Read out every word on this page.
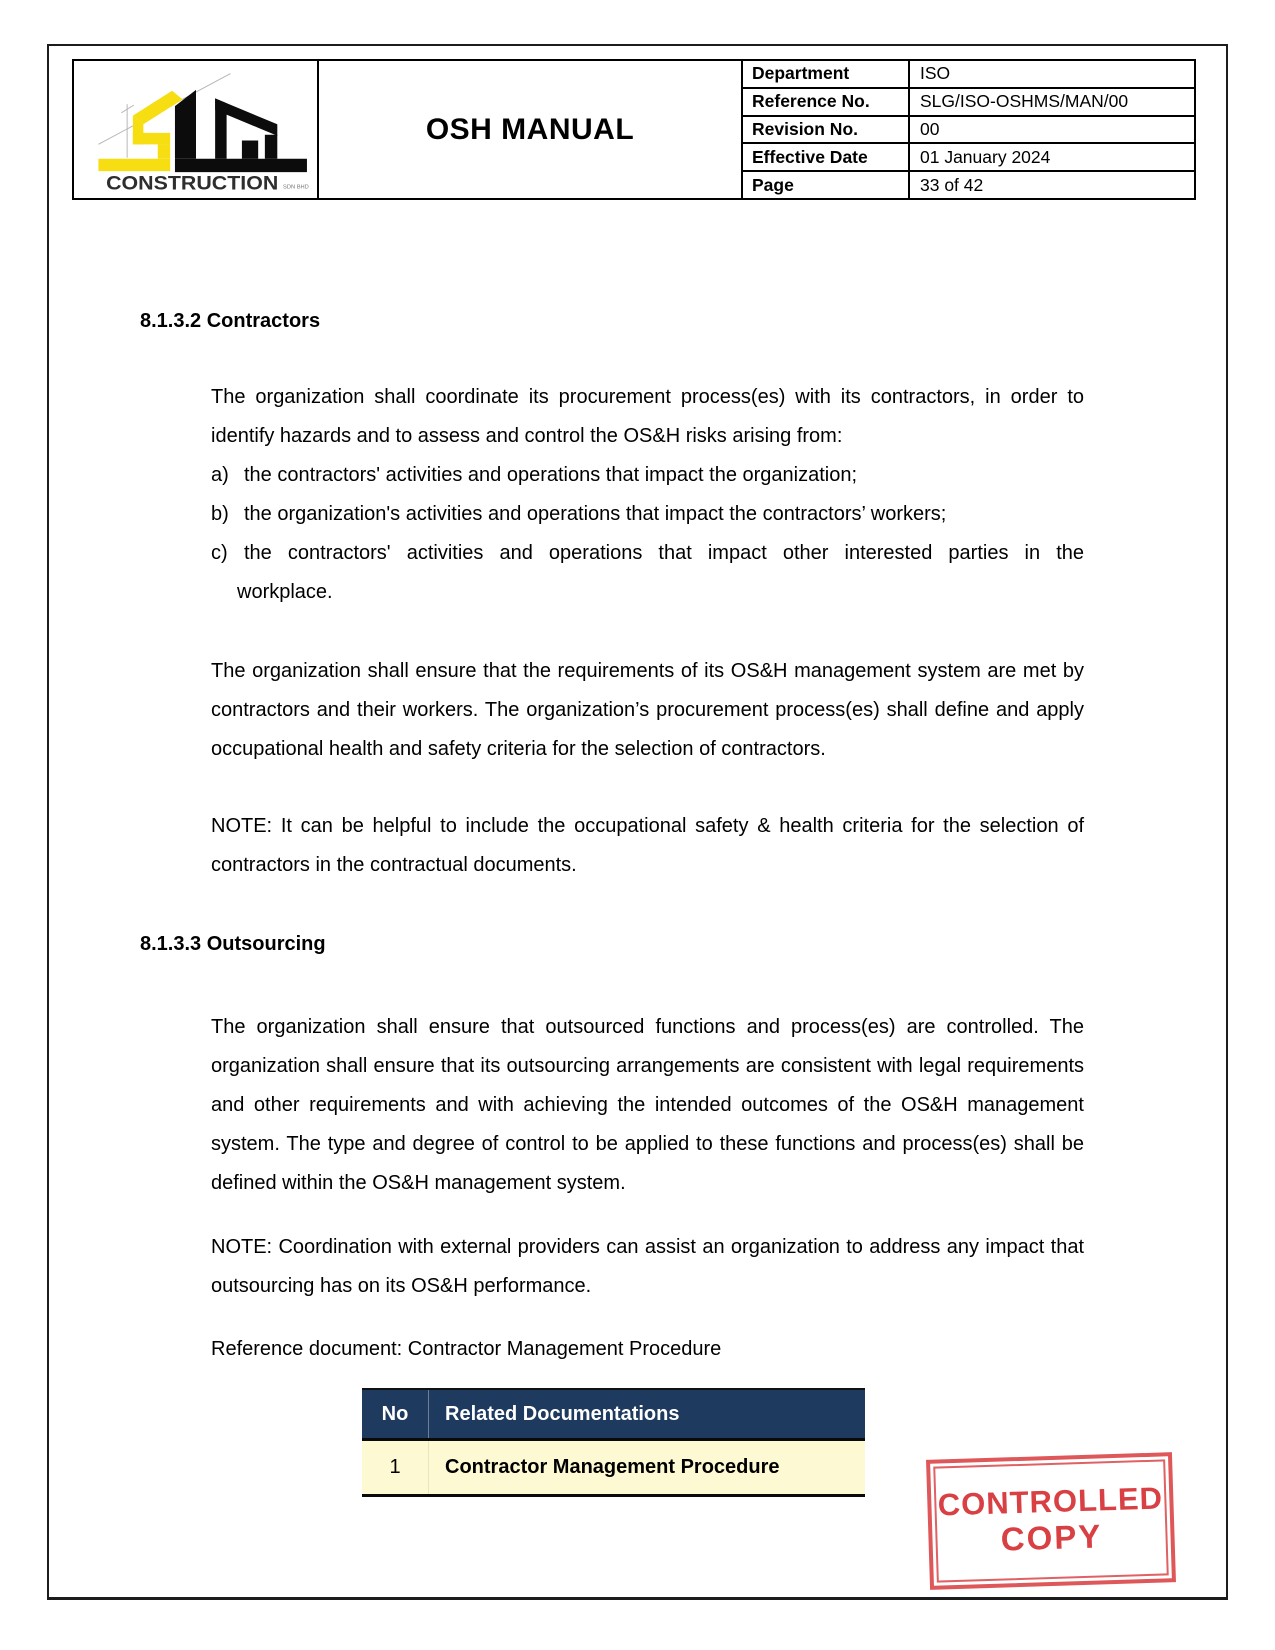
CONSTRUCTION SDN BHD
OSH MANUAL
Department	ISO
Reference No.	SLG/ISO-OSHMS/MAN/00
Revision No.	00
Effective Date	01 January 2024
Page	33 of 42
8.1.3.2 Contractors
The organization shall coordinate its procurement process(es) with its contractors, in order to identify hazards and to assess and control the OS&H risks arising from:
a) the contractors' activities and operations that impact the organization;
b) the organization's activities and operations that impact the contractors’ workers;
c) the contractors' activities and operations that impact other interested parties in the
workplace.
The organization shall ensure that the requirements of its OS&H management system are met by contractors and their workers. The organization’s procurement process(es) shall define and apply occupational health and safety criteria for the selection of contractors.
NOTE: It can be helpful to include the occupational safety & health criteria for the selection of contractors in the contractual documents.
8.1.3.3 Outsourcing
The organization shall ensure that outsourced functions and process(es) are controlled. The organization shall ensure that its outsourcing arrangements are consistent with legal requirements and other requirements and with achieving the intended outcomes of the OS&H management system. The type and degree of control to be applied to these functions and process(es) shall be defined within the OS&H management system.
NOTE: Coordination with external providers can assist an organization to address any impact that outsourcing has on its OS&H performance.
Reference document: Contractor Management Procedure
No	Related Documentations
1	Contractor Management Procedure
CONTROLLED
COPY
